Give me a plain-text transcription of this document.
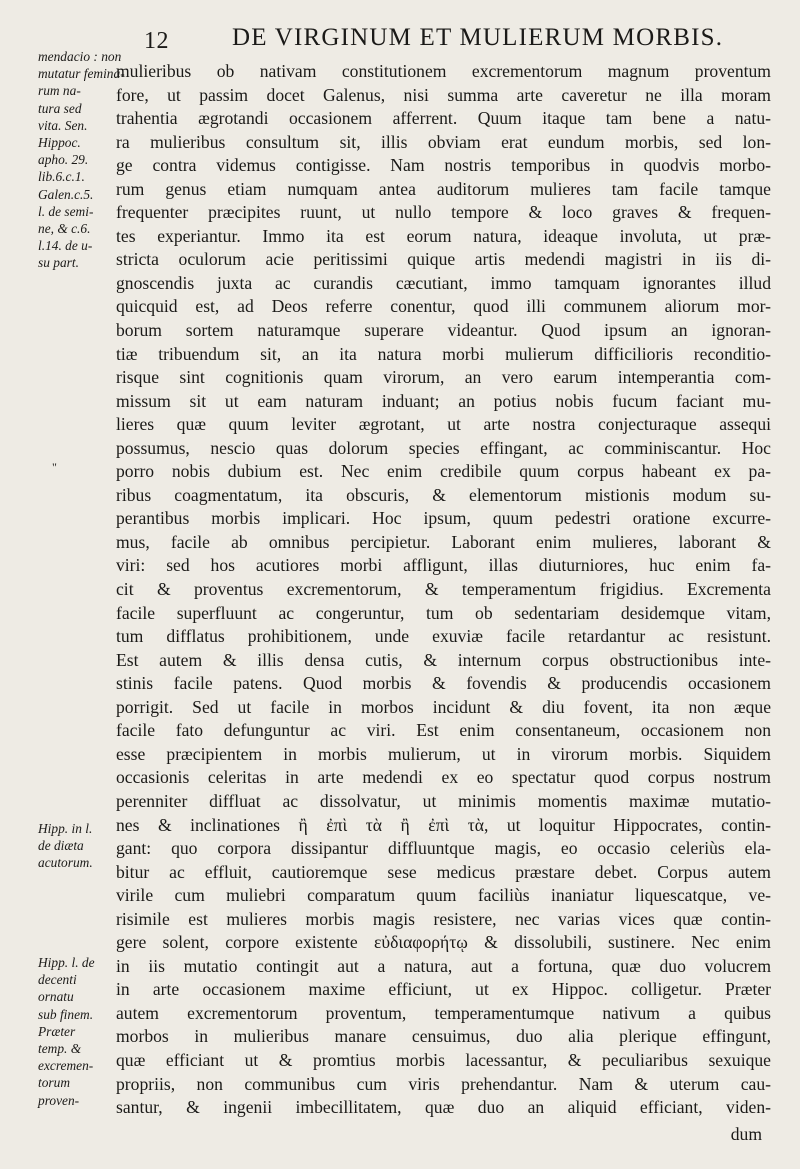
12	DE VIRGINUM ET MULIERUM MORBIS.
mendacio : non
mutatur femina-
rum na-
tura sed
vita. Sen.
Hippoc.
apho. 29.
lib.6.c.1.
Galen.c.5.
l. de semi-
ne, & c.6.
l.14. de u-
su part.
Hipp. in l.
de diæta
acutorum.
Hipp. l. de
decenti
ornatu
sub finem.
Præter
temp. &
excremen-
torum
proven-
"
mulieribus ob nativam constitutionem excrementorum magnum proventum
fore, ut passim docet Galenus, nisi summa arte caveretur ne illa moram
trahentia ægrotandi occasionem afferrent. Quum itaque tam bene a natu-
ra mulieribus consultum sit, illis obviam erat eundum morbis, sed lon-
ge contra videmus contigisse. Nam nostris temporibus in quodvis morbo-
rum genus etiam numquam antea auditorum mulieres tam facile tamque
frequenter præcipites ruunt, ut nullo tempore & loco graves & frequen-
tes experiantur. Immo ita est eorum natura, ideaque involuta, ut præ-
stricta oculorum acie peritissimi quique artis medendi magistri in iis di-
gnoscendis juxta ac curandis cæcutiant, immo tamquam ignorantes illud
quicquid est, ad Deos referre conentur, quod illi communem aliorum mor-
borum sortem naturamque superare videantur. Quod ipsum an ignoran-
tiæ tribuendum sit, an ita natura morbi mulierum difficilioris reconditio-
risque sint cognitionis quam virorum, an vero earum intemperantia com-
missum sit ut eam naturam induant; an potius nobis fucum faciant mu-
lieres quæ quum leviter ægrotant, ut arte nostra conjecturaque assequi
possumus, nescio quas dolorum species effingant, ac comminiscantur. Hoc
porro nobis dubium est. Nec enim credibile quum corpus habeant ex pa-
ribus coagmentatum, ita obscuris, & elementorum mistionis modum su-
perantibus morbis implicari. Hoc ipsum, quum pedestri oratione excurre-
mus, facile ab omnibus percipietur. Laborant enim mulieres, laborant &
viri: sed hos acutiores morbi affligunt, illas diuturniores, huc enim fa-
cit & proventus excrementorum, & temperamentum frigidius. Excrementa
facile superfluunt ac congeruntur, tum ob sedentariam desidemque vitam,
tum difflatus prohibitionem, unde exuviæ facile retardantur ac resistunt.
Est autem & illis densa cutis, & internum corpus obstructionibus inte-
stinis facile patens. Quod morbis & fovendis & producendis occasionem
porrigit. Sed ut facile in morbos incidunt & diu fovent, ita non æque
facile fato defunguntur ac viri. Est enim consentaneum, occasionem non
esse præcipientem in morbis mulierum, ut in virorum morbis. Siquidem
occasionis celeritas in arte medendi ex eo spectatur quod corpus nostrum
perenniter diffluat ac dissolvatur, ut minimis momentis maximæ mutatio-
nes & inclinationes ἢ ἐπὶ τὰ ἢ ἐπὶ τὰ, ut loquitur Hippocrates, contin-
gant: quo corpora dissipantur diffluuntque magis, eo occasio celeriùs ela-
bitur ac effluit, cautioremque sese medicus præstare debet. Corpus autem
virile cum muliebri comparatum quum faciliùs inaniatur liquescatque, ve-
risimile est mulieres morbis magis resistere, nec varias vices quæ contin-
gere solent, corpore existente εὐδιαφορήτῳ & dissolubili, sustinere. Nec enim
in iis mutatio contingit aut a natura, aut a fortuna, quæ duo volucrem
in arte occasionem maxime efficiunt, ut ex Hippoc. colligetur. Præter
autem excrementorum proventum, temperamentumque nativum a quibus
morbos in mulieribus manare censuimus, duo alia plerique effingunt,
quæ efficiant ut & promtius morbis lacessantur, & peculiaribus sexuique
propriis, non communibus cum viris prehendantur. Nam & uterum cau-
santur, & ingenii imbecillitatem, quæ duo an aliquid efficiant, viden-
dum
